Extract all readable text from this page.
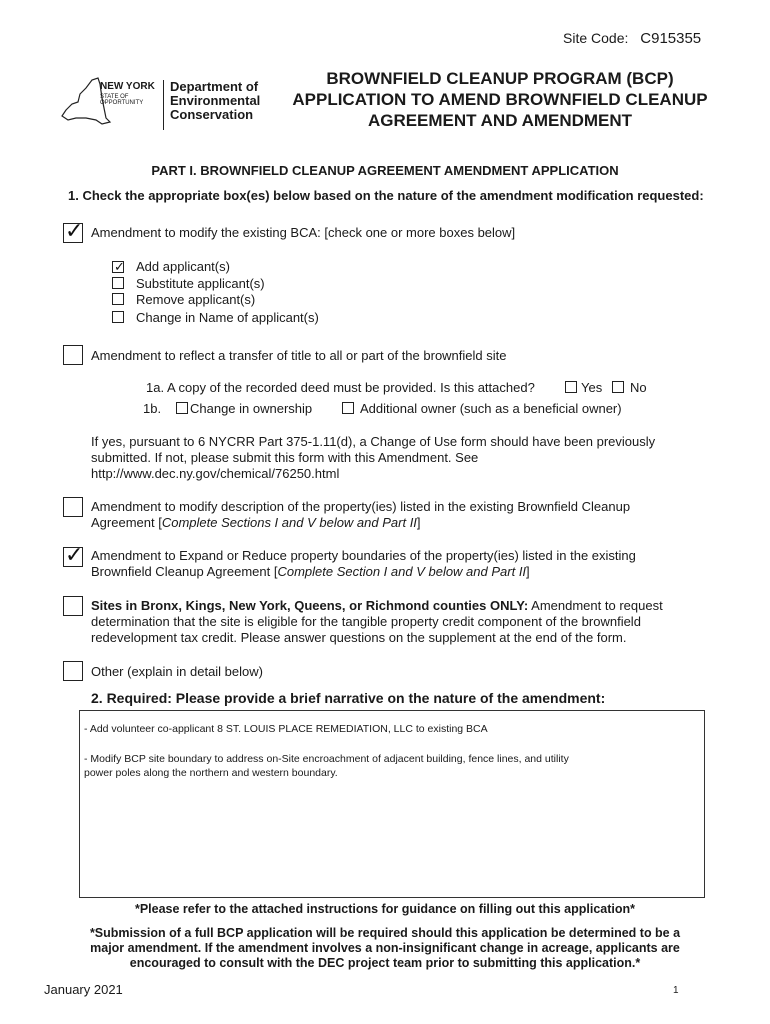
Site Code: C915355
NEW YORK
STATE OF
OPPORTUNITY
Department of
Environmental
Conservation
BROWNFIELD CLEANUP PROGRAM (BCP)
APPLICATION TO AMEND BROWNFIELD CLEANUP
AGREEMENT AND AMENDMENT
PART I. BROWNFIELD CLEANUP AGREEMENT AMENDMENT APPLICATION
1. Check the appropriate box(es) below based on the nature of the amendment modification requested:
✓ Amendment to modify the existing BCA: [check one or more boxes below]
✓ Add applicant(s)
Substitute applicant(s)
Remove applicant(s)
Change in Name of applicant(s)
Amendment to reflect a transfer of title to all or part of the brownfield site
1a. A copy of the recorded deed must be provided. Is this attached?	Yes No
1b. Change in ownership	Additional owner (such as a beneficial owner)
If yes, pursuant to 6 NYCRR Part 375-1.11(d), a Change of Use form should have been previously
submitted. If not, please submit this form with this Amendment. See
http://www.dec.ny.gov/chemical/76250.html
Amendment to modify description of the property(ies) listed in the existing Brownfield Cleanup
Agreement [Complete Sections I and V below and Part II]
✓ Amendment to Expand or Reduce property boundaries of the property(ies) listed in the existing
Brownfield Cleanup Agreement [Complete Section I and V below and Part II]
Sites in Bronx, Kings, New York, Queens, or Richmond counties ONLY: Amendment to request
determination that the site is eligible for the tangible property credit component of the brownfield
redevelopment tax credit. Please answer questions on the supplement at the end of the form.
Other (explain in detail below)
2. Required: Please provide a brief narrative on the nature of the amendment:
- Add volunteer co-applicant 8 ST. LOUIS PLACE REMEDIATION, LLC to existing BCA
- Modify BCP site boundary to address on-Site encroachment of adjacent building, fence lines, and utility
power poles along the northern and western boundary.
*Please refer to the attached instructions for guidance on filling out this application*
*Submission of a full BCP application will be required should this application be determined to be a
major amendment. If the amendment involves a non-insignificant change in acreage, applicants are
encouraged to consult with the DEC project team prior to submitting this application.*
January 2021	1
